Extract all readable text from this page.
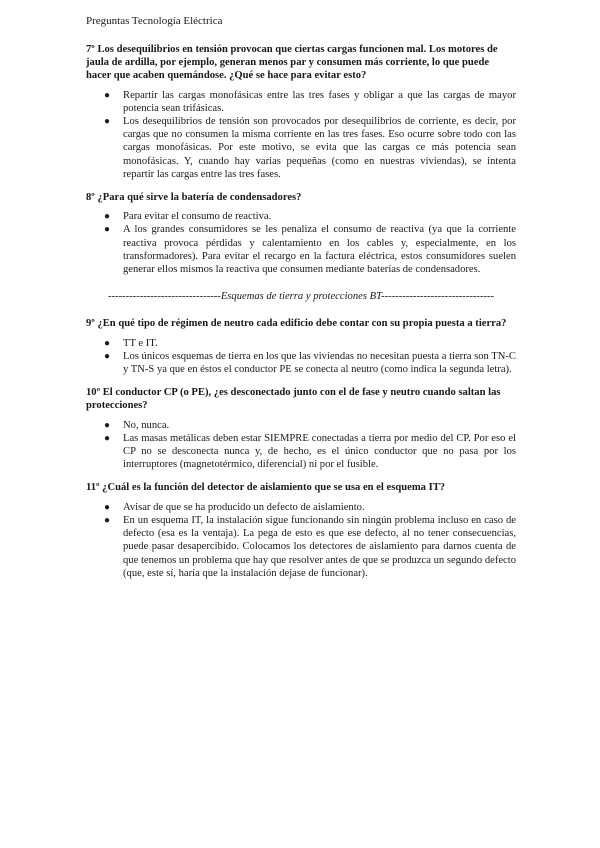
Preguntas Tecnología Eléctrica

7º Los desequilibrios en tensión provocan que ciertas cargas funcionen mal. Los motores de jaula de ardilla, por ejemplo, generan menos par y consumen más corriente, lo que puede hacer que acaben quemándose. ¿Qué se hace para evitar esto?

● Repartir las cargas monofásicas entre las tres fases y obligar a que las cargas de mayor potencia sean trifásicas.
● Los desequilibrios de tensión son provocados por desequilibrios de corriente, es decir, por cargas que no consumen la misma corriente en las tres fases. Eso ocurre sobre todo con las cargas monofásicas. Por este motivo, se evita que las cargas ce más potencia sean monofásicas. Y, cuando hay varias pequeñas (como en nuestras viviendas), se intenta repartir las cargas entre las tres fases.

8º ¿Para qué sirve la batería de condensadores?

● Para evitar el consumo de reactiva.
● A los grandes consumidores se les penaliza el consumo de reactiva (ya que la corriente reactiva provoca pérdidas y calentamiento en los cables y, especialmente, en los transformadores). Para evitar el recargo en la factura eléctrica, estos consumidores suelen generar ellos mismos la reactiva que consumen mediante baterías de condensadores.
--------------------------------Esquemas de tierra y protecciones BT--------------------------------

9º ¿En qué tipo de régimen de neutro cada edificio debe contar con su propia puesta a tierra?

● TT e IT.
● Los únicos esquemas de tierra en los que las viviendas no necesitan puesta a tierra son TN-C y TN-S ya que en éstos el conductor PE se conecta al neutro (como indica la segunda letra).

10º El conductor CP (o PE), ¿es desconectado junto con el de fase y neutro cuando saltan las protecciones?

● No, nunca.
● Las masas metálicas deben estar SIEMPRE conectadas a tierra por medio del CP. Por eso el CP no se desconecta nunca y, de hecho, es el único conductor que no pasa por los interruptores (magnetotérmico, diferencial) ni por el fusible.

11º ¿Cuál es la función del detector de aislamiento que se usa en el esquema IT?

● Avisar de que se ha producido un defecto de aislamiento.
● En un esquema IT, la instalación sigue funcionando sin ningún problema incluso en caso de defecto (esa es la ventaja). La pega de esto es que ese defecto, al no tener consecuencias, puede pasar desapercibido. Colocamos los detectores de aislamiento para darnos cuenta de que tenemos un problema que hay que resolver antes de que se produzca un segundo defecto (que, este sí, haría que la instalación dejase de funcionar).
